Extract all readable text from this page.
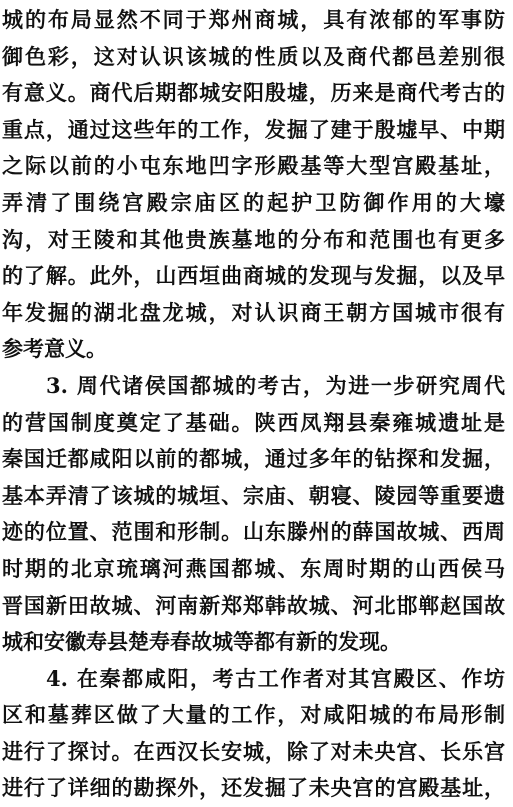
城的布局显然不同于郑州商城，具有浓郁的军事防
御色彩，这对认识该城的性质以及商代都邑差别很
有意义。商代后期都城安阳殷墟，历来是商代考古的
重点，通过这些年的工作，发掘了建于殷墟早、中期
之际以前的小屯东地凹字形殿基等大型宫殿基址，
弄清了围绕宫殿宗庙区的起护卫防御作用的大壕
沟，对王陵和其他贵族墓地的分布和范围也有更多
的了解。此外，山西垣曲商城的发现与发掘，以及早
年发掘的湖北盘龙城，对认识商王朝方国城市很有
参考意义。
3. 周代诸侯国都城的考古，为进一步研究周代
的营国制度奠定了基础。陕西凤翔县秦雍城遗址是
秦国迁都咸阳以前的都城，通过多年的钻探和发掘，
基本弄清了该城的城垣、宗庙、朝寝、陵园等重要遗
迹的位置、范围和形制。山东滕州的薛国故城、西周
时期的北京琉璃河燕国都城、东周时期的山西侯马
晋国新田故城、河南新郑郑韩故城、河北邯郸赵国故
城和安徽寿县楚寿春故城等都有新的发现。
4. 在秦都咸阳，考古工作者对其宫殿区、作坊
区和墓葬区做了大量的工作，对咸阳城的布局形制
进行了探讨。在西汉长安城，除了对未央宫、长乐宫
进行了详细的勘探外，还发掘了未央宫的宫殿基址，
